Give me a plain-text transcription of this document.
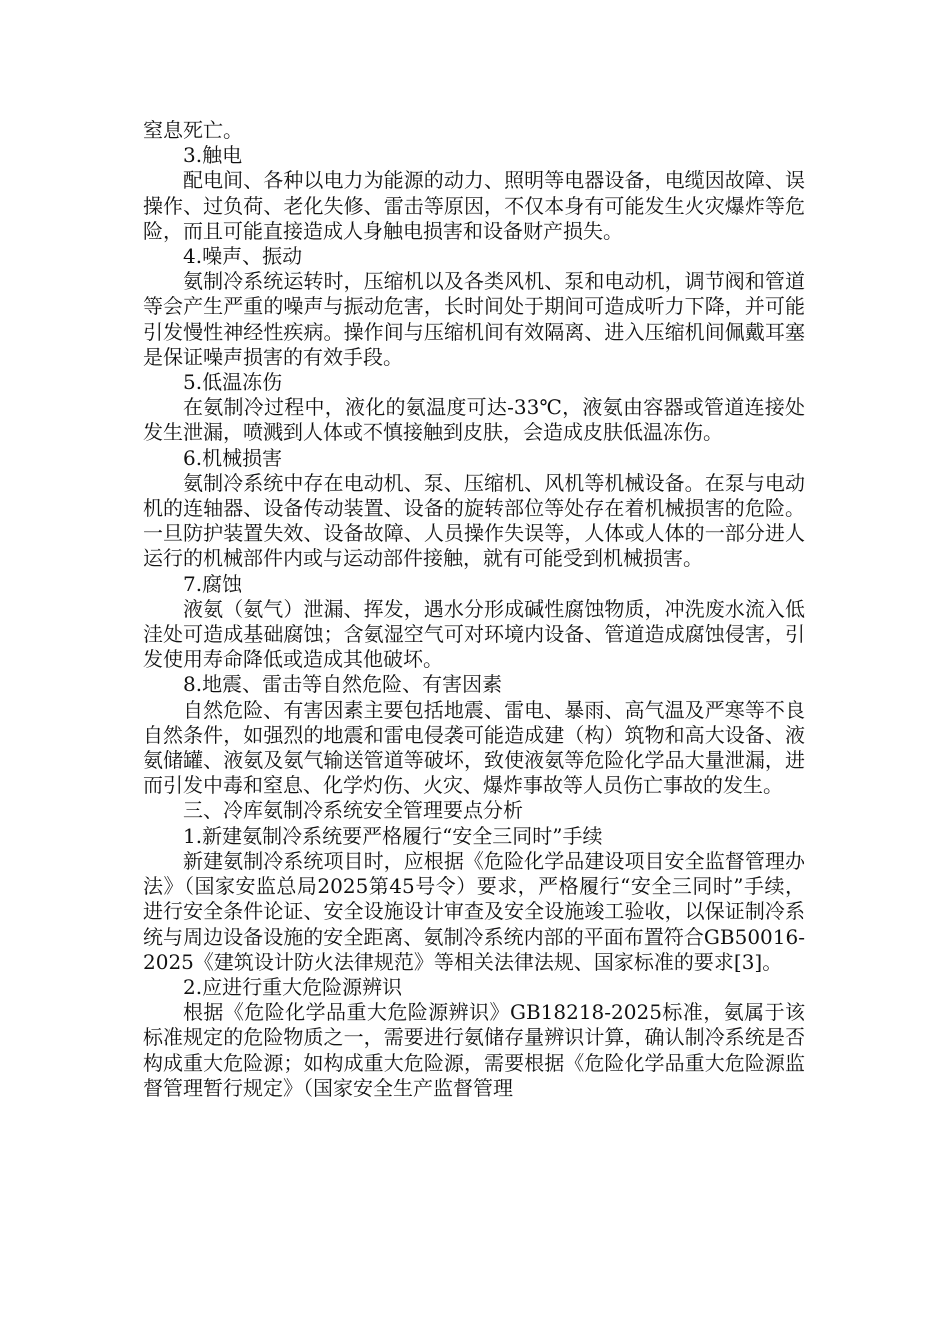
窒息死亡。

3.触电

配电间、各种以电力为能源的动力、照明等电器设备，电缆因故障、误操作、过负荷、老化失修、雷击等原因，不仅本身有可能发生火灾爆炸等危险，而且可能直接造成人身触电损害和设备财产损失。

4.噪声、振动

氨制冷系统运转时，压缩机以及各类风机、泵和电动机，调节阀和管道等会产生严重的噪声与振动危害，长时间处于期间可造成听力下降，并可能引发慢性神经性疾病。操作间与压缩机间有效隔离、进入压缩机间佩戴耳塞是保证噪声损害的有效手段。

5.低温冻伤

在氨制冷过程中，液化的氨温度可达-33℃，液氨由容器或管道连接处发生泄漏，喷溅到人体或不慎接触到皮肤，会造成皮肤低温冻伤。

6.机械损害

氨制冷系统中存在电动机、泵、压缩机、风机等机械设备。在泵与电动机的连轴器、设备传动装置、设备的旋转部位等处存在着机械损害的危险。一旦防护装置失效、设备故障、人员操作失误等，人体或人体的一部分进人运行的机械部件内或与运动部件接触，就有可能受到机械损害。

7.腐蚀

液氨（氨气）泄漏、挥发，遇水分形成碱性腐蚀物质，冲洗废水流入低洼处可造成基础腐蚀；含氨湿空气可对环境内设备、管道造成腐蚀侵害，引发使用寿命降低或造成其他破坏。

8.地震、雷击等自然危险、有害因素

自然危险、有害因素主要包括地震、雷电、暴雨、高气温及严寒等不良自然条件，如强烈的地震和雷电侵袭可能造成建（构）筑物和高大设备、液氨储罐、液氨及氨气输送管道等破坏，致使液氨等危险化学品大量泄漏，进而引发中毒和窒息、化学灼伤、火灾、爆炸事故等人员伤亡事故的发生。

三、冷库氨制冷系统安全管理要点分析

1.新建氨制冷系统要严格履行“安全三同时”手续

新建氨制冷系统项目时，应根据《危险化学品建设项目安全监督管理办法》（国家安监总局2025第45号令）要求，严格履行“安全三同时”手续，进行安全条件论证、安全设施设计审查及安全设施竣工验收，以保证制冷系统与周边设备设施的安全距离、氨制冷系统内部的平面布置符合GB50016-2025《建筑设计防火法律规范》等相关法律法规、国家标准的要求[3]。

2.应进行重大危险源辨识

根据《危险化学品重大危险源辨识》GB18218-2025标准，氨属于该标准规定的危险物质之一，需要进行氨储存量辨识计算，确认制冷系统是否构成重大危险源；如构成重大危险源，需要根据《危险化学品重大危险源监督管理暂行规定》（国家安全生产监督管理
